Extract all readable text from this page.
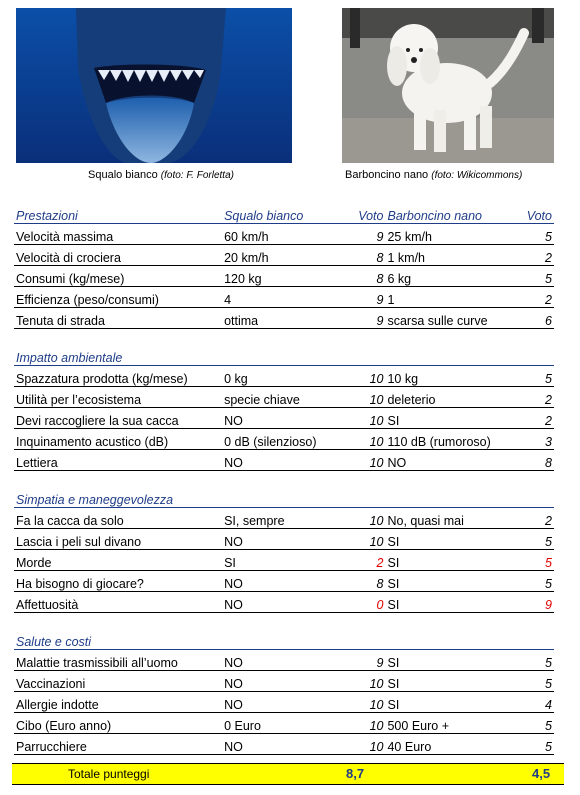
Squalo bianco (foto: F. Forletta)	Barboncino nano (foto: Wikicommons)
Prestazioni	Squalo bianco	Voto	Barboncino nano	Voto
Velocità massima	60 km/h	9	25 km/h	5
Velocità di crociera	20 km/h	8	1 km/h	2
Consumi (kg/mese)	120 kg	8	6 kg	5
Efficienza (peso/consumi)	4	9	1	2
Tenuta di strada	ottima	9	scarsa sulle curve	6

Impatto ambientale				
Spazzatura prodotta (kg/mese)	0 kg	10	10 kg	5
Utilità per l’ecosistema	specie chiave	10	deleterio	2
Devi raccogliere la sua cacca	NO	10	SI	2
Inquinamento acustico (dB)	0 dB (silenzioso)	10	110 dB (rumoroso)	3
Lettiera	NO	10	NO	8

Simpatia e maneggevolezza				
Fa la cacca da solo	SI, sempre	10	No, quasi mai	2
Lascia i peli sul divano	NO	10	SI	5
Morde	SI	2	SI	5
Ha bisogno di giocare?	NO	8	SI	5
Affettuosità	NO	0	SI	9

Salute e costi				
Malattie trasmissibili all’uomo	NO	9	SI	5
Vaccinazioni	NO	10	SI	5
Allergie indotte	NO	10	SI	4
Cibo (Euro anno)	0 Euro	10	500 Euro +	5
Parrucchiere	NO	10	40 Euro	5
Totale punteggi	8,7	4,5
